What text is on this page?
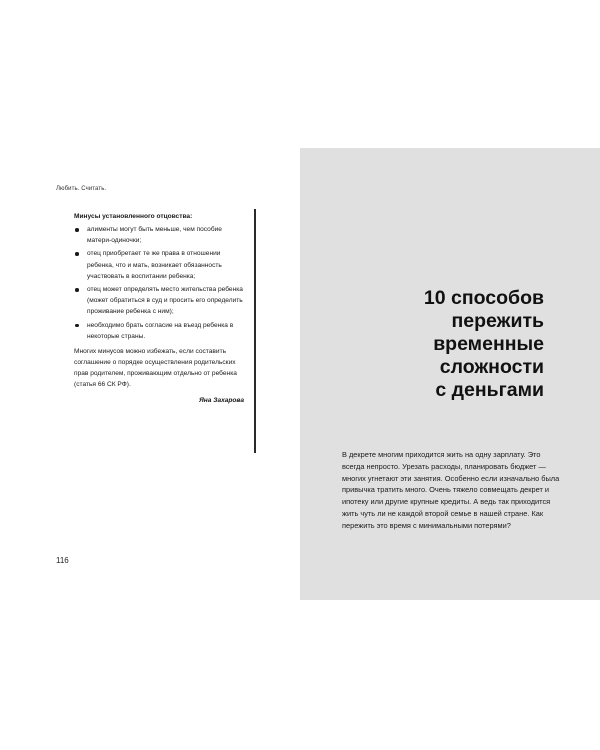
Любить. Считать.

Минусы установленного отцовства:

алименты могут быть меньше, чем пособие матери-одиночки;
отец приобретает те же права в отношении ребенка, что и мать, возникает обязанность участвовать в воспитании ребенка;
отец может определять место жительства ребенка (может обратиться в суд и просить его определить проживание ребенка с ним);
необходимо брать согласие на въезд ребенка в некоторые страны.

Многих минусов можно избежать, если составить соглашение о порядке осуществления родительских прав родителем, проживающим отдельно от ребенка (статья 66 СК РФ).

Яна Захарова

116
10 способов
пережить
временные
сложности
с деньгами

В декрете многим приходится жить на одну зарплату. Это всегда непросто. Урезать расходы, планировать бюджет — многих угнетают эти занятия. Особенно если изначально была привычка тратить много. Очень тяжело совмещать декрет и ипотеку или другие крупные кредиты. А ведь так приходится жить чуть ли не каждой второй семье в нашей стране. Как пережить это время с минимальными потерями?
